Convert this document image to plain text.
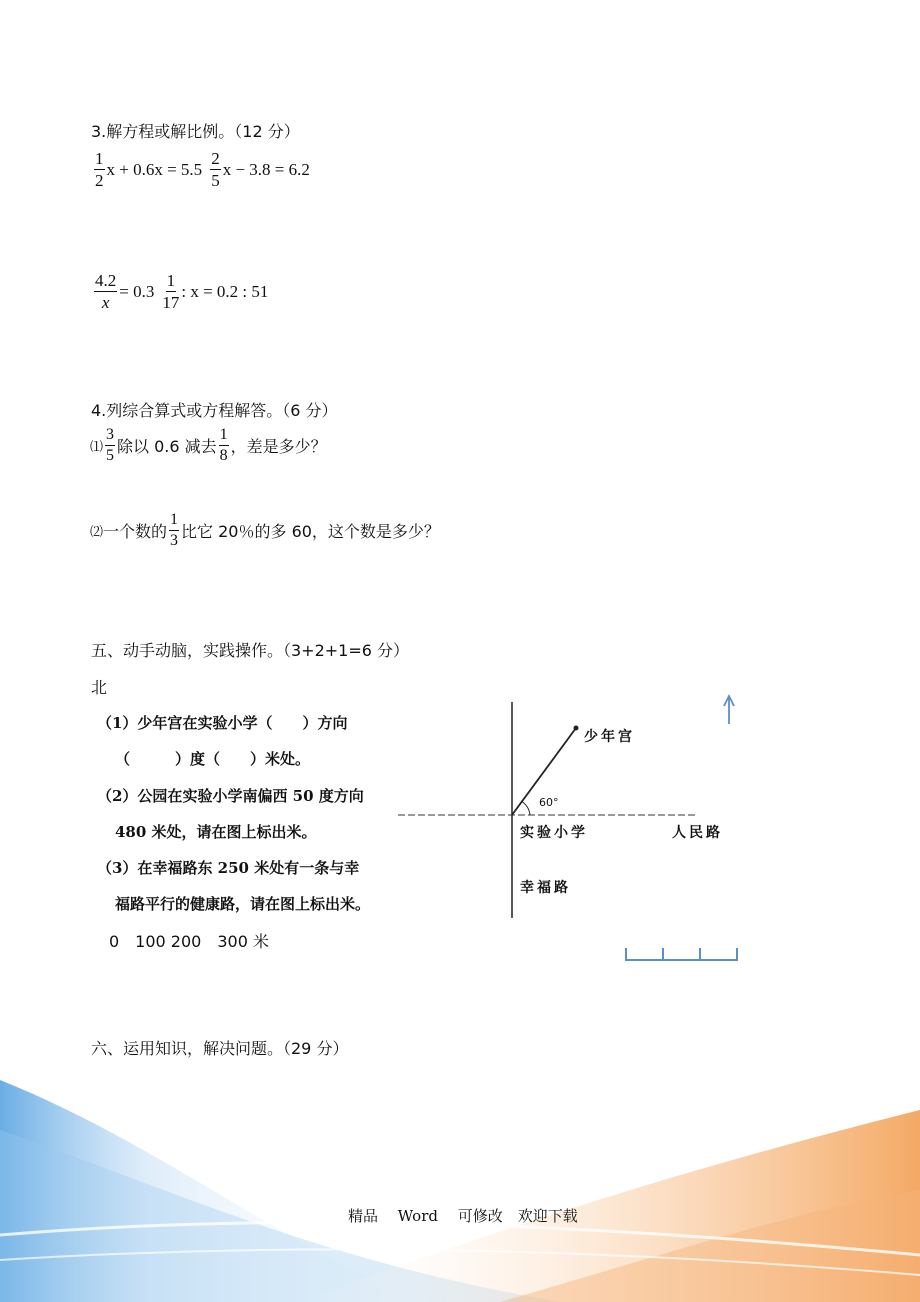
3.解方程或解比例。（12 分）
$\frac{1}{2}$ $x + 0.6x = 5.5 \frac{2}{5}$ x − 3.8 = 6.2
$\frac{4.2}{x} = 0.3 \frac{1}{17}$ : x = 0.2 : 51
4.列综合算式或方程解答。（6 分）
⑴ $\frac{3}{5}$ 除以 0.6 减去 $\frac{1}{8}$ ，差是多少？
⑵ 一个数的 $\frac{1}{3}$ 比它 20％的多 60，这个数是多少？
五、动手动脑，实践操作。（3+2+1=6 分）
北
（1）少年宫在实验小学（　　）方向
（　　　）度（　　）米处。
（2）公园在实验小学南偏西 50 度方向
480 米处，请在图上标出米。
（3）在幸福路东 250 米处有一条与幸
福路平行的健康路，请在图上标出米。
0　100 200　300 米
少年宫
60°
实验小学	人民路
幸福路
六、运用知识，解决问题。（29 分）
精品　 Word　 可修改　欢迎下载
